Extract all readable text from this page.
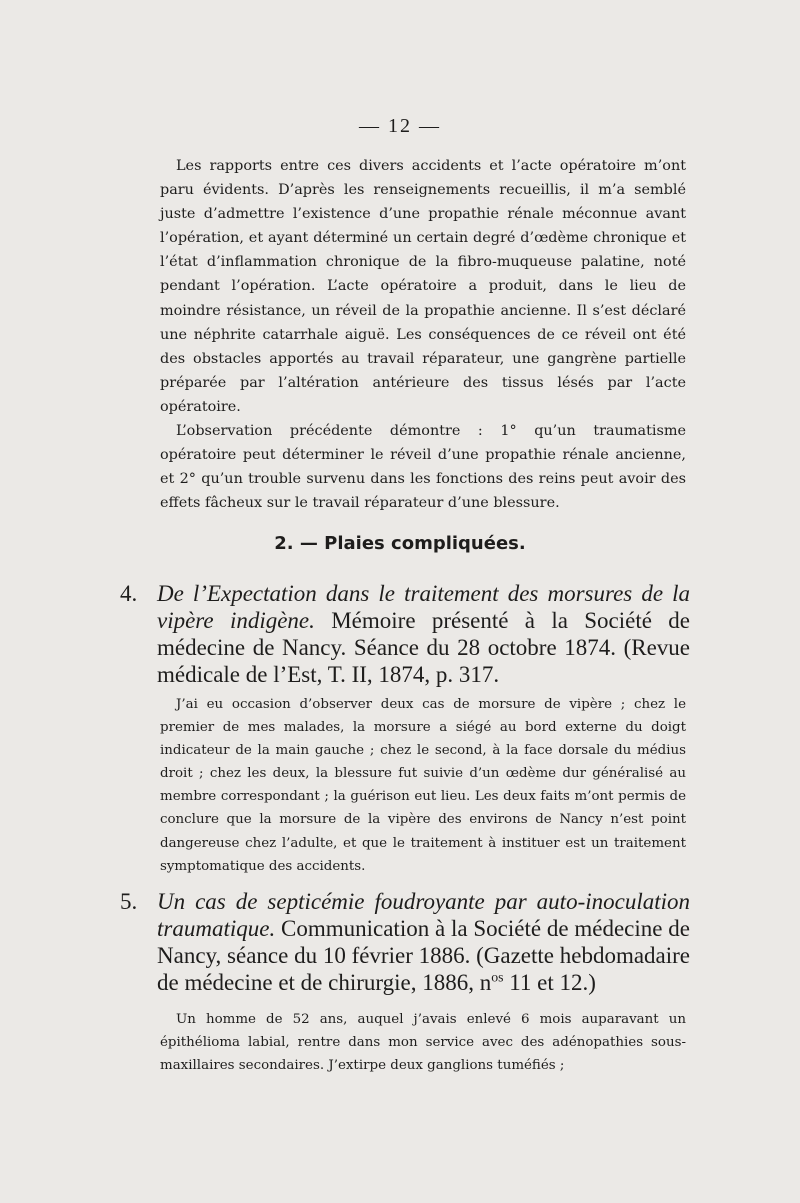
— 12 —

Les rapports entre ces divers accidents et l’acte opératoire m’ont paru évidents. D’après les renseignements recueillis, il m’a semblé juste d’admettre l’existence d’une propathie rénale méconnue avant l’opération, et ayant déterminé un certain degré d’œdème chronique et l’état d’inflammation chronique de la fibro-muqueuse palatine, noté pendant l’opération. L’acte opératoire a produit, dans le lieu de moindre résistance, un réveil de la propathie ancienne. Il s’est déclaré une néphrite catarrhale aiguë. Les conséquences de ce réveil ont été des obstacles apportés au travail réparateur, une gangrène partielle préparée par l’altération antérieure des tissus lésés par l’acte opératoire.

L’observation précédente démontre : 1° qu’un traumatisme opératoire peut déterminer le réveil d’une propathie rénale ancienne, et 2° qu’un trouble survenu dans les fonctions des reins peut avoir des effets fâcheux sur le travail réparateur d’une blessure.

2. — Plaies compliquées.
4. De l’Expectation dans le traitement des morsures de la vipère indigène. Mémoire présenté à la Société de médecine de Nancy. Séance du 28 octobre 1874. (Revue médicale de l’Est, T. II, 1874, p. 317.

J’ai eu occasion d’observer deux cas de morsure de vipère ; chez le premier de mes malades, la morsure a siégé au bord externe du doigt indicateur de la main gauche ; chez le second, à la face dorsale du médius droit ; chez les deux, la blessure fut suivie d’un œdème dur généralisé au membre correspondant ; la guérison eut lieu. Les deux faits m’ont permis de conclure que la morsure de la vipère des environs de Nancy n’est point dangereuse chez l’adulte, et que le traitement à instituer est un traitement symptomatique des accidents.

5. Un cas de septicémie foudroyante par auto-inoculation traumatique. Communication à la Société de médecine de Nancy, séance du 10 février 1886. (Gazette hebdomadaire de médecine et de chirurgie, 1886, $n^{os}$ 11 et 12.)

Un homme de 52 ans, auquel j’avais enlevé 6 mois auparavant un épithélioma labial, rentre dans mon service avec des adénopathies sous-maxillaires secondaires. J’extirpe deux ganglions tuméfiés ;
